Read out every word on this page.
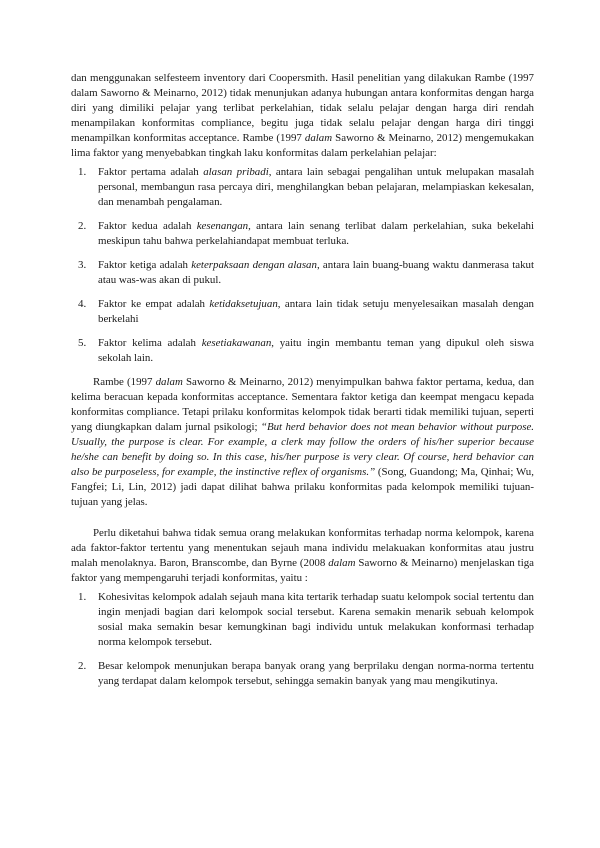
dan menggunakan selfesteem inventory dari Coopersmith. Hasil penelitian yang dilakukan Rambe (1997 dalam Saworno & Meinarno, 2012) tidak menunjukan adanya hubungan antara konformitas dengan harga diri yang dimiliki pelajar yang terlibat perkelahian, tidak selalu pelajar dengan harga diri rendah menampilakan konformitas compliance, begitu juga tidak selalu pelajar dengan harga diri tinggi menampilkan konformitas acceptance. Rambe (1997 dalam Saworno & Meinarno, 2012) mengemukakan lima faktor yang menyebabkan tingkah laku konformitas dalam perkelahian pelajar:

1. Faktor pertama adalah alasan pribadi, antara lain sebagai pengalihan untuk melupakan masalah personal, membangun rasa percaya diri, menghilangkan beban pelajaran, melampiaskan kekesalan, dan menambah pengalaman.
2. Faktor kedua adalah kesenangan, antara lain senang terlibat dalam perkelahian, suka bekelahi meskipun tahu bahwa perkelahiandapat membuat terluka.
3. Faktor ketiga adalah keterpaksaan dengan alasan, antara lain buang-buang waktu danmerasa takut atau was-was akan di pukul.
4. Faktor ke empat adalah ketidaksetujuan, antara lain tidak setuju menyelesaikan masalah dengan berkelahi
5. Faktor kelima adalah kesetiakawanan, yaitu ingin membantu teman yang dipukul oleh siswa sekolah lain.

Rambe (1997 dalam Saworno & Meinarno, 2012) menyimpulkan bahwa faktor pertama, kedua, dan kelima beracuan kepada konformitas acceptance. Sementara faktor ketiga dan keempat mengacu kepada konformitas compliance. Tetapi prilaku konformitas kelompok tidak berarti tidak memiliki tujuan, seperti yang diungkapkan dalam jurnal psikologi; “But herd behavior does not mean behavior without purpose. Usually, the purpose is clear. For example, a clerk may follow the orders of his/her superior because he/she can benefit by doing so. In this case, his/her purpose is very clear. Of course, herd behavior can also be purposeless, for example, the instinctive reflex of organisms.” (Song, Guandong; Ma, Qinhai; Wu, Fangfei; Li, Lin, 2012) jadi dapat dilihat bahwa prilaku konformitas pada kelompok memiliki tujuan-tujuan yang jelas.

Perlu diketahui bahwa tidak semua orang melakukan konformitas terhadap norma kelompok, karena ada faktor-faktor tertentu yang menentukan sejauh mana individu melakuakan konformitas atau justru malah menolaknya. Baron, Branscombe, dan Byrne (2008 dalam Saworno & Meinarno) menjelaskan tiga faktor yang mempengaruhi terjadi konformitas, yaitu :

1. Kohesivitas kelompok adalah sejauh mana kita tertarik terhadap suatu kelompok social tertentu dan ingin menjadi bagian dari kelompok social tersebut. Karena semakin menarik sebuah kelompok sosial maka semakin besar kemungkinan bagi individu untuk melakukan konformasi terhadap norma kelompok tersebut.
2. Besar kelompok menunjukan berapa banyak orang yang berprilaku dengan norma-norma tertentu yang terdapat dalam kelompok tersebut, sehingga semakin banyak yang mau mengikutinya.
